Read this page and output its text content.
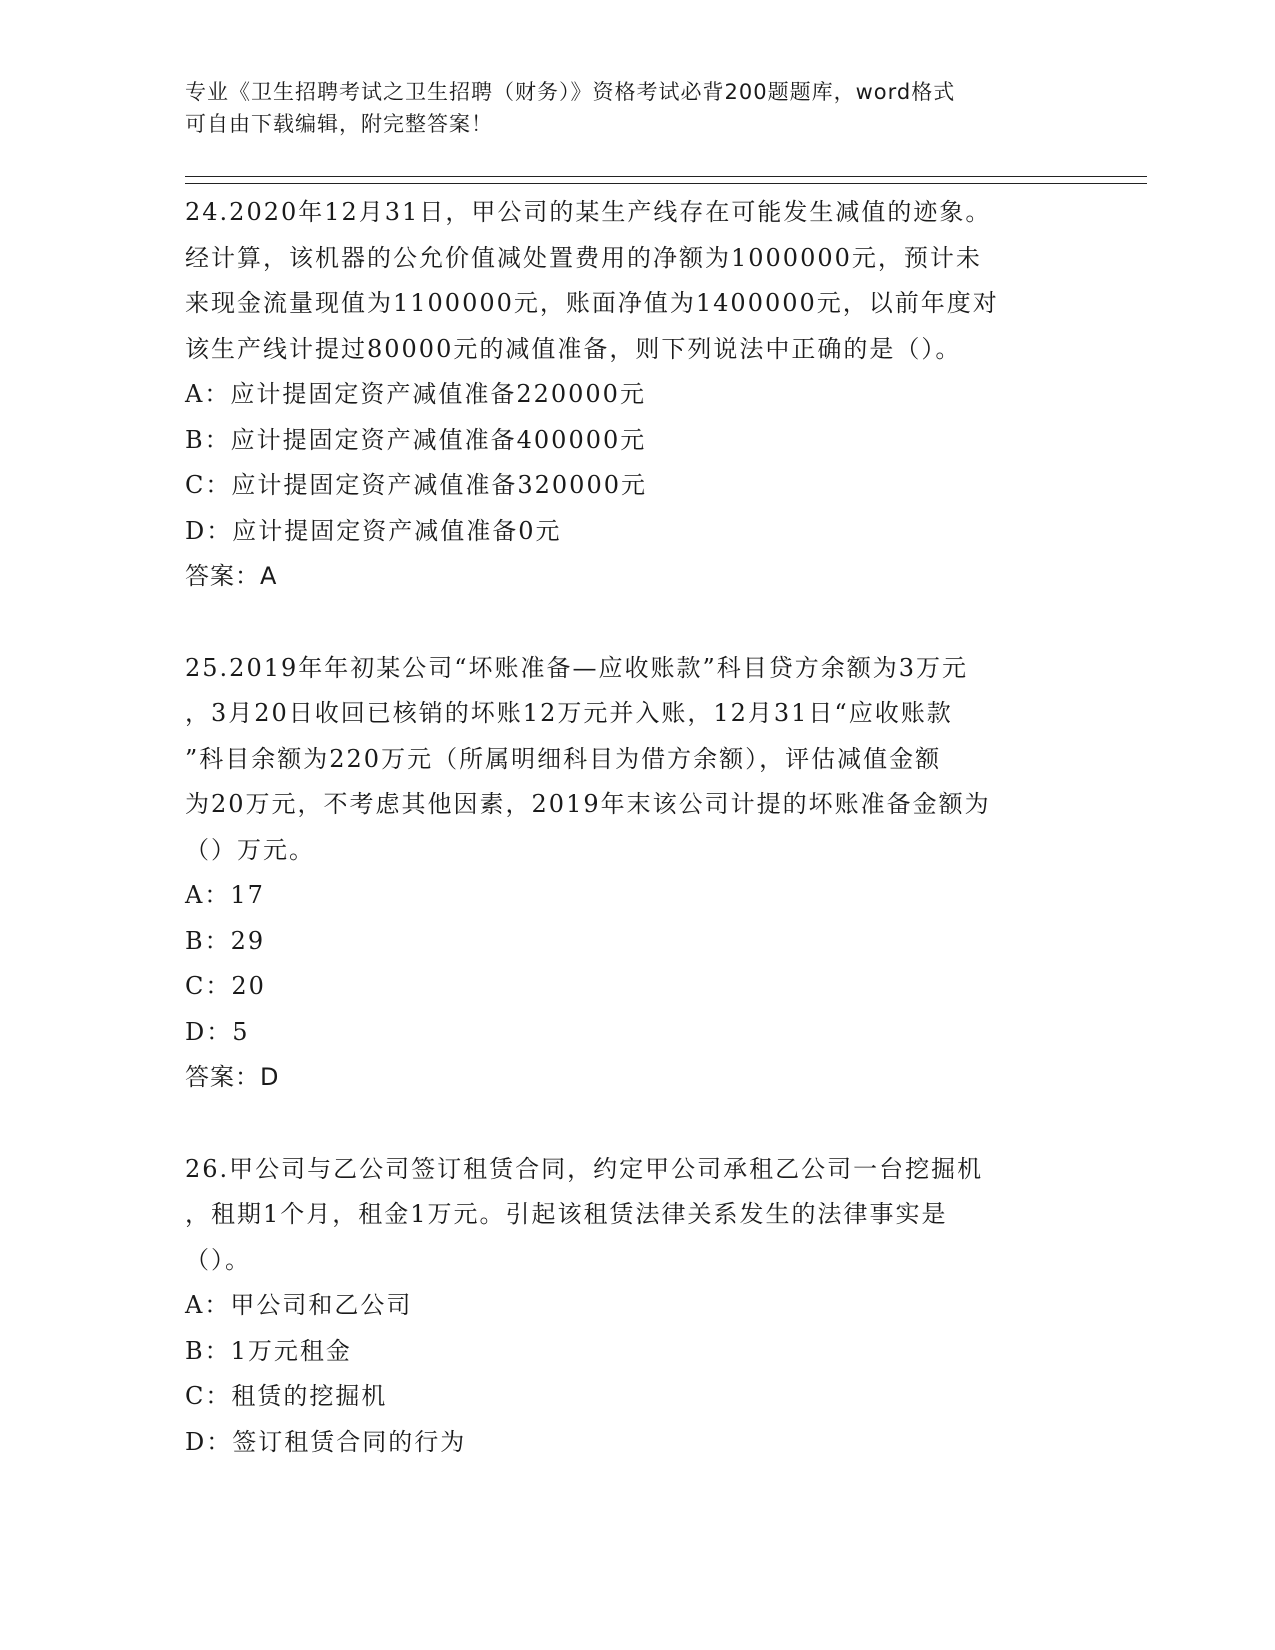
专业《卫生招聘考试之卫生招聘（财务）》资格考试必背200题题库，word格式
可自由下载编辑，附完整答案！

24.2020年12月31日，甲公司的某生产线存在可能发生减值的迹象。

经计算，该机器的公允价值减处置费用的净额为1000000元，预计未

来现金流量现值为1100000元，账面净值为1400000元，以前年度对

该生产线计提过80000元的减值准备，则下列说法中正确的是（）。

A：应计提固定资产减值准备220000元

B：应计提固定资产减值准备400000元

C：应计提固定资产减值准备320000元

D：应计提固定资产减值准备0元

答案：A

25.2019年年初某公司“坏账准备—应收账款”科目贷方余额为3万元

，3月20日收回已核销的坏账12万元并入账，12月31日“应收账款

”科目余额为220万元（所属明细科目为借方余额），评估减值金额

为20万元，不考虑其他因素，2019年末该公司计提的坏账准备金额为

（）万元。

A：17

B：29

C：20

D：5

答案：D

26.甲公司与乙公司签订租赁合同，约定甲公司承租乙公司一台挖掘机

，租期1个月，租金1万元。引起该租赁法律关系发生的法律事实是

（）。

A：甲公司和乙公司

B：1万元租金

C：租赁的挖掘机

D：签订租赁合同的行为
